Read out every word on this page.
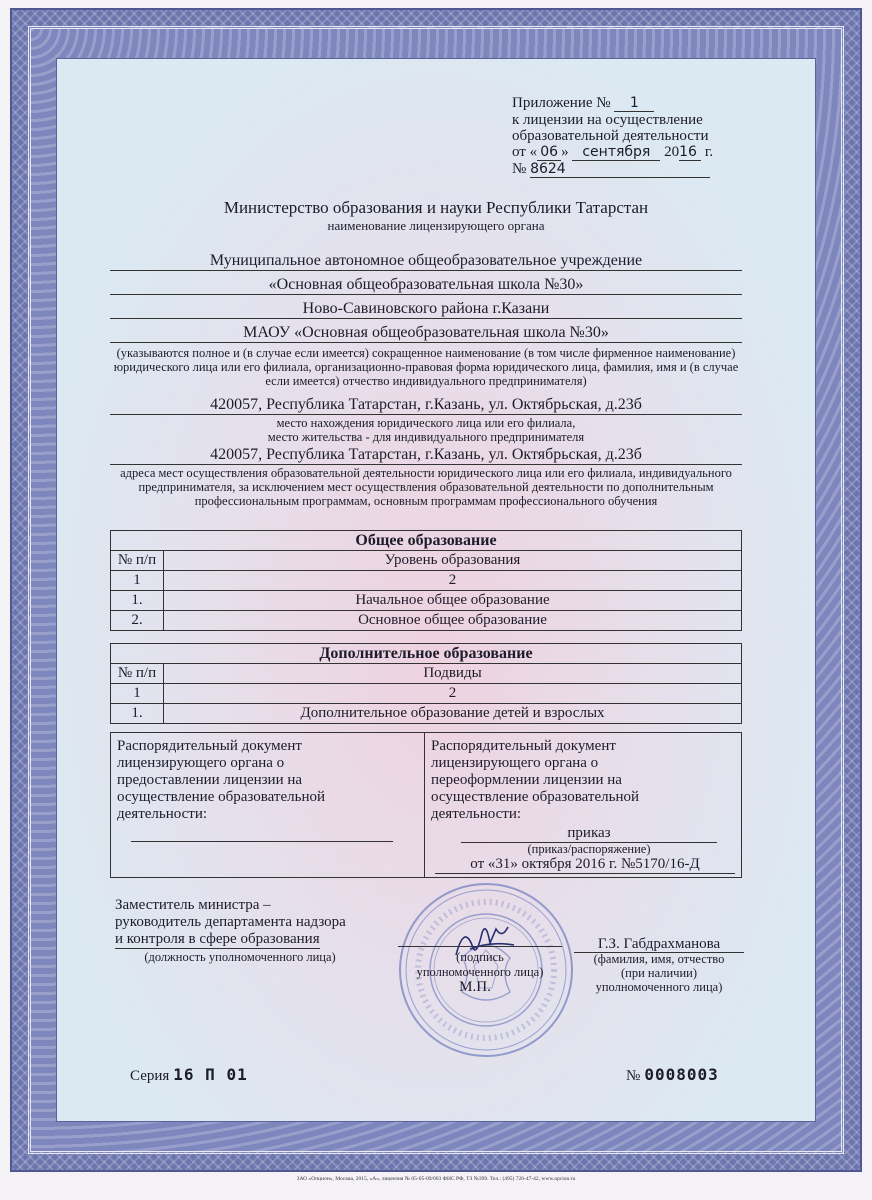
Приложение № 1
к лицензии на осуществление
образовательной деятельности
от « 06 » сентября 2016 г.
№ 8624
Министерство образования и науки Республики Татарстан
наименование лицензирующего органа
Муниципальное автономное общеобразовательное учреждение
«Основная общеобразовательная школа №30»
Ново-Савиновского района г.Казани
МАОУ «Основная общеобразовательная школа №30»
(указываются полное и (в случае если имеется) сокращенное наименование (в том числе фирменное наименование) юридического лица или его филиала, организационно-правовая форма юридического лица, фамилия, имя и (в случае если имеется) отчество индивидуального предпринимателя)
420057, Республика Татарстан, г.Казань, ул. Октябрьская, д.23б
место нахождения юридического лица или его филиала,
место жительства - для индивидуального предпринимателя
420057, Республика Татарстан, г.Казань, ул. Октябрьская, д.23б
адреса мест осуществления образовательной деятельности юридического лица или его филиала, индивидуального предпринимателя, за исключением мест осуществления образовательной деятельности по дополнительным профессиональным программам, основным программам профессионального обучения
Общее образование	
№ п/п	Уровень образования
1	2
1.	Начальное общее образование
2.	Основное общее образование
Дополнительное образование	
№ п/п	Подвиды
1	2
1.	Дополнительное образование детей и взрослых
Распорядительный документ
лицензирующего органа о
предоставлении лицензии на
осуществление образовательной
деятельности:
Распорядительный документ
лицензирующего органа о
переоформлении лицензии на
осуществление образовательной
деятельности:
приказ
(приказ/распоряжение)
от «31» октября 2016 г. №5170/16-Д
Заместитель министра –
руководитель департамента надзора
и контроля в сфере образования
(должность уполномоченного лица)	(подпись
уполномоченного лица)
М.П.
Г.З. Габдрахманова
(фамилия, имя, отчество
(при наличии)
уполномоченного лица)
Серия 16 П 01	№ 0008003
ЗАО «Опцион», Москва, 2015, «А», лицензия № 05-05-09/003 ФНС РФ, ТЗ №399. Тел.: (495) 726-47-42, www.opcion.ru
